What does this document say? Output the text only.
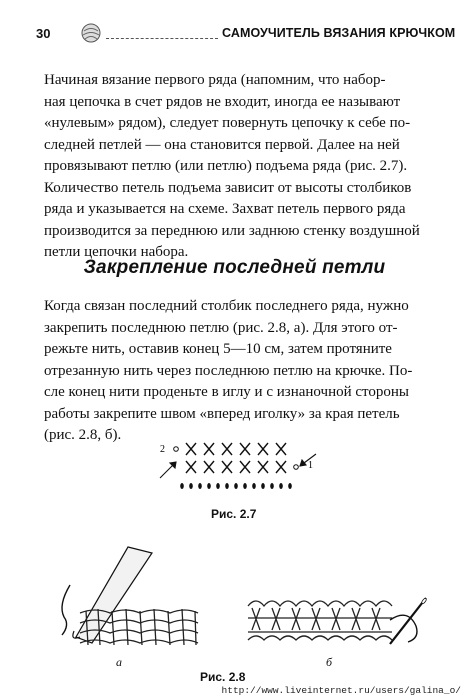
30	САМОУЧИТЕЛЬ ВЯЗАНИЯ КРЮЧКОМ
Начиная вязание первого ряда (напомним, что набор-
ная цепочка в счет рядов не входит, иногда ее называют
«нулевым» рядом), следует повернуть цепочку к себе по-
следней петлей — она становится первой. Далее на ней
провязывают петлю (или петлю) подъема ряда (рис. 2.7).
Количество петель подъема зависит от высоты столбиков
ряда и указывается на схеме. Захват петель первого ряда
производится за переднюю или заднюю стенку воздушной
петли цепочки набора.
Закрепление последней петли
Когда связан последний столбик последнего ряда, нужно
закрепить последнюю петлю (рис. 2.8, а). Для этого от-
режьте нить, оставив конец 5—10 см, затем протяните
отрезанную нить через последнюю петлю на крючке. По-
сле конец нити проденьте в иглу и с изнаночной стороны
работы закрепите швом «вперед иголку» за края петель
(рис. 2.8, б).
2
1
Рис. 2.7
а	б
Рис. 2.8
http://www.liveinternet.ru/users/galina_o/
